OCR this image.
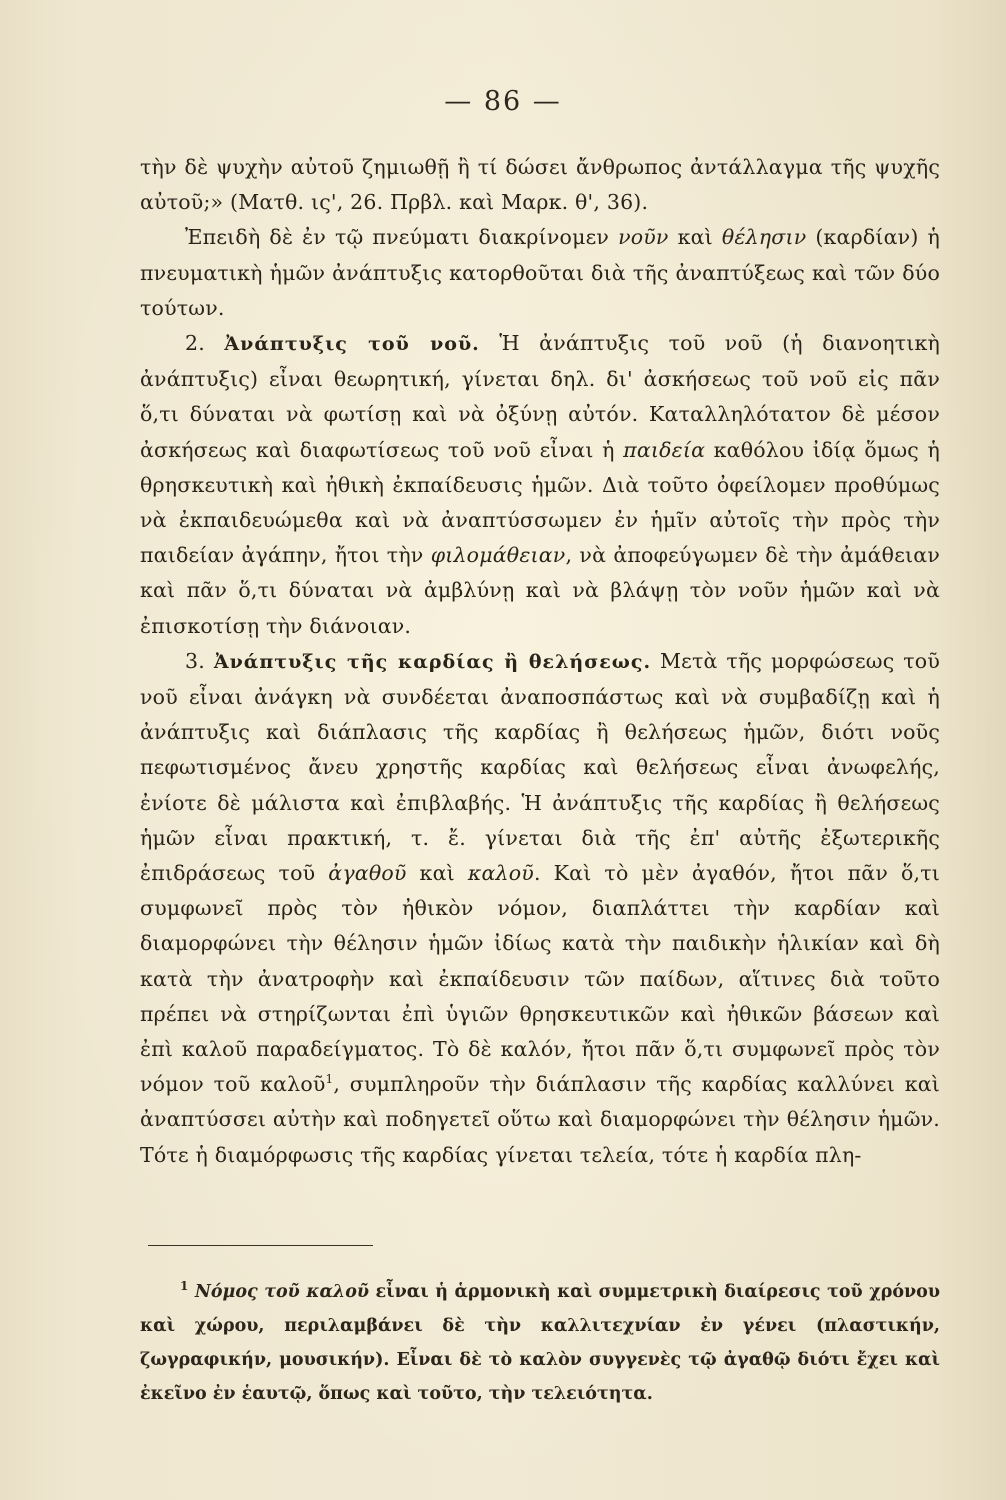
— 86 —

τὴν δὲ ψυχὴν αὐτοῦ ζημιωθῇ ἢ τί δώσει ἄνθρωπος ἀντάλλαγμα τῆς ψυχῆς αὐτοῦ;» (Ματθ. ις', 26. Πρβλ. καὶ Μαρκ. θ', 36).

Ἐπειδὴ δὲ ἐν τῷ πνεύματι διακρίνομεν νοῦν καὶ θέλησιν (καρδίαν) ἡ πνευματικὴ ἡμῶν ἀνάπτυξις κατορθοῦται διὰ τῆς ἀναπτύξεως καὶ τῶν δύο τούτων.

2. Ἀνάπτυξις τοῦ νοῦ. Ἡ ἀνάπτυξις τοῦ νοῦ (ἡ διανοητικὴ ἀνάπτυξις) εἶναι θεωρητική, γίνεται δηλ. δι' ἀσκήσεως τοῦ νοῦ εἰς πᾶν ὅ,τι δύναται νὰ φωτίσῃ καὶ νὰ ὀξύνῃ αὐτόν. Καταλληλότατον δὲ μέσον ἀσκήσεως καὶ διαφωτίσεως τοῦ νοῦ εἶναι ἡ παιδεία καθόλου ἰδίᾳ ὅμως ἡ θρησκευτικὴ καὶ ἠθικὴ ἐκπαίδευσις ἡμῶν. Διὰ τοῦτο ὀφείλομεν προθύμως νὰ ἐκπαιδευώμεθα καὶ νὰ ἀναπτύσσωμεν ἐν ἡμῖν αὐτοῖς τὴν πρὸς τὴν παιδείαν ἀγάπην, ἤτοι τὴν φιλομάθειαν, νὰ ἀποφεύγωμεν δὲ τὴν ἀμάθειαν καὶ πᾶν ὅ,τι δύναται νὰ ἀμβλύνῃ καὶ νὰ βλάψῃ τὸν νοῦν ἡμῶν καὶ νὰ ἐπισκοτίσῃ τὴν διάνοιαν.

3. Ἀνάπτυξις τῆς καρδίας ἢ θελήσεως. Μετὰ τῆς μορφώσεως τοῦ νοῦ εἶναι ἀνάγκη νὰ συνδέεται ἀναποσπάστως καὶ νὰ συμβαδίζῃ καὶ ἡ ἀνάπτυξις καὶ διάπλασις τῆς καρδίας ἢ θελήσεως ἡμῶν, διότι νοῦς πεφωτισμένος ἄνευ χρηστῆς καρδίας καὶ θελήσεως εἶναι ἀνωφελής, ἐνίοτε δὲ μάλιστα καὶ ἐπιβλαβής. Ἡ ἀνάπτυξις τῆς καρδίας ἢ θελήσεως ἡμῶν εἶναι πρακτική, τ. ἔ. γίνεται διὰ τῆς ἐπ' αὐτῆς ἐξωτερικῆς ἐπιδράσεως τοῦ ἀγαθοῦ καὶ καλοῦ. Καὶ τὸ μὲν ἀγαθόν, ἤτοι πᾶν ὅ,τι συμφωνεῖ πρὸς τὸν ἠθικὸν νόμον, διαπλάττει τὴν καρδίαν καὶ διαμορφώνει τὴν θέλησιν ἡμῶν ἰδίως κατὰ τὴν παιδικὴν ἡλικίαν καὶ δὴ κατὰ τὴν ἀνατροφὴν καὶ ἐκπαίδευσιν τῶν παίδων, αἵτινες διὰ τοῦτο πρέπει νὰ στηρίζωνται ἐπὶ ὑγιῶν θρησκευτικῶν καὶ ἠθικῶν βάσεων καὶ ἐπὶ καλοῦ παραδείγματος. Τὸ δὲ καλόν, ἤτοι πᾶν ὅ,τι συμφωνεῖ πρὸς τὸν νόμον τοῦ καλοῦ$^1$, συμπληροῦν τὴν διάπλασιν τῆς καρδίας καλλύνει καὶ ἀναπτύσσει αὐτὴν καὶ ποδηγετεῖ οὕτω καὶ διαμορφώνει τὴν θέλησιν ἡμῶν. Τότε ἡ διαμόρφωσις τῆς καρδίας γίνεται τελεία, τότε ἡ καρδία πλη-

$^1$ Νόμος τοῦ καλοῦ εἶναι ἡ ἁρμονικὴ καὶ συμμετρικὴ διαίρεσις τοῦ χρόνου καὶ χώρου, περιλαμβάνει δὲ τὴν καλλιτεχνίαν ἐν γένει (πλαστικήν, ζωγραφικήν, μουσικήν). Εἶναι δὲ τὸ καλὸν συγγενὲς τῷ ἀγαθῷ διότι ἔχει καὶ ἐκεῖνο ἐν ἑαυτῷ, ὅπως καὶ τοῦτο, τὴν τελειότητα.
